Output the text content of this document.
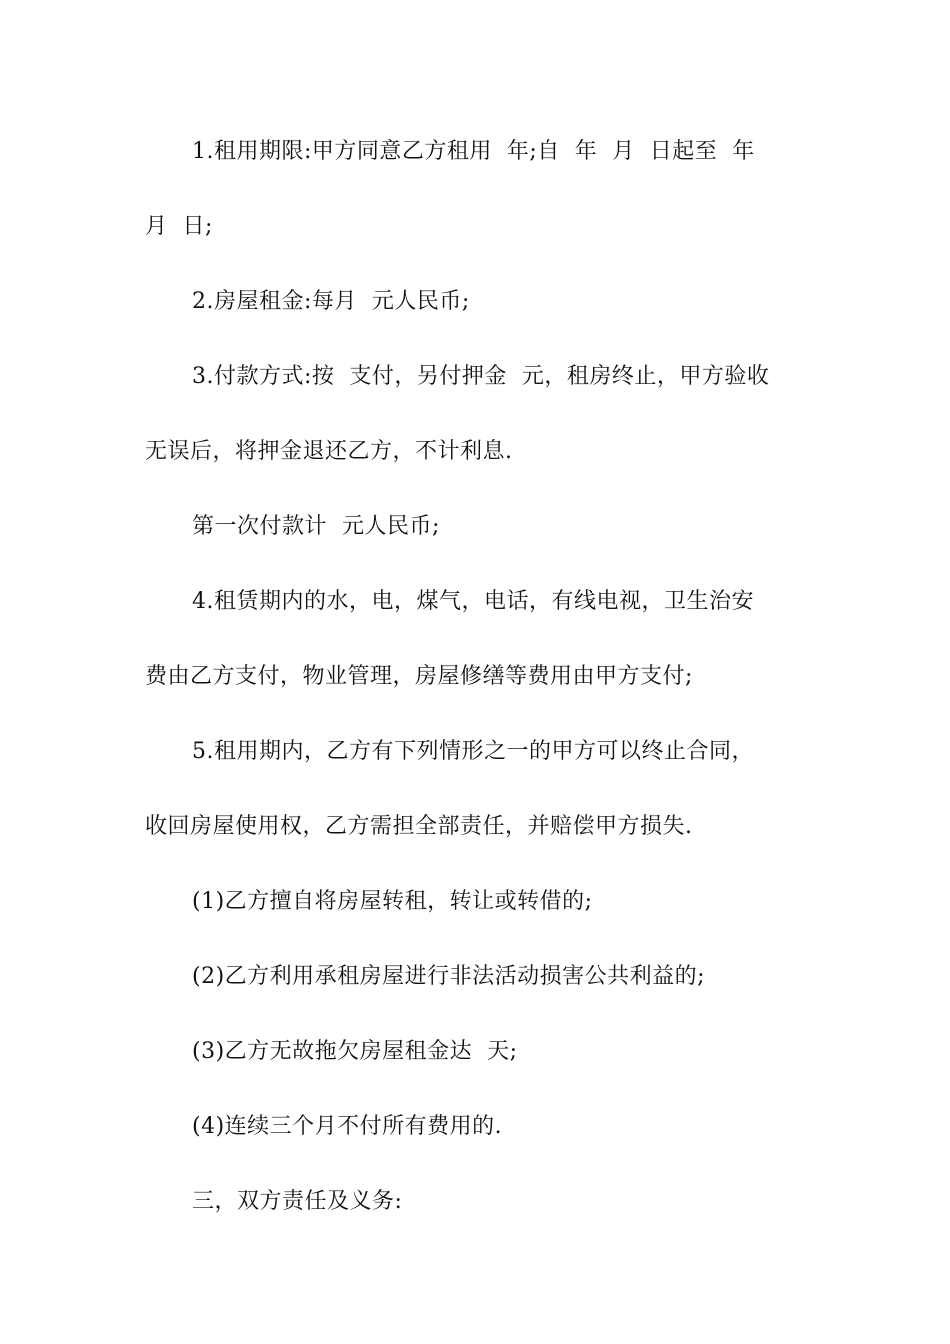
1.租用期限:甲方同意乙方租用  年;自  年  月  日起至  年
月  日;
2.房屋租金:每月  元人民币;
3.付款方式:按  支付，另付押金  元，租房终止，甲方验收
无误后，将押金退还乙方，不计利息.
第一次付款计  元人民币;
4.租赁期内的水，电，煤气，电话，有线电视，卫生治安
费由乙方支付，物业管理，房屋修缮等费用由甲方支付;
5.租用期内，乙方有下列情形之一的甲方可以终止合同，
收回房屋使用权，乙方需担全部责任，并赔偿甲方损失.
(1)乙方擅自将房屋转租，转让或转借的;
(2)乙方利用承租房屋进行非法活动损害公共利益的;
(3)乙方无故拖欠房屋租金达  天;
(4)连续三个月不付所有费用的.
三，双方责任及义务:
